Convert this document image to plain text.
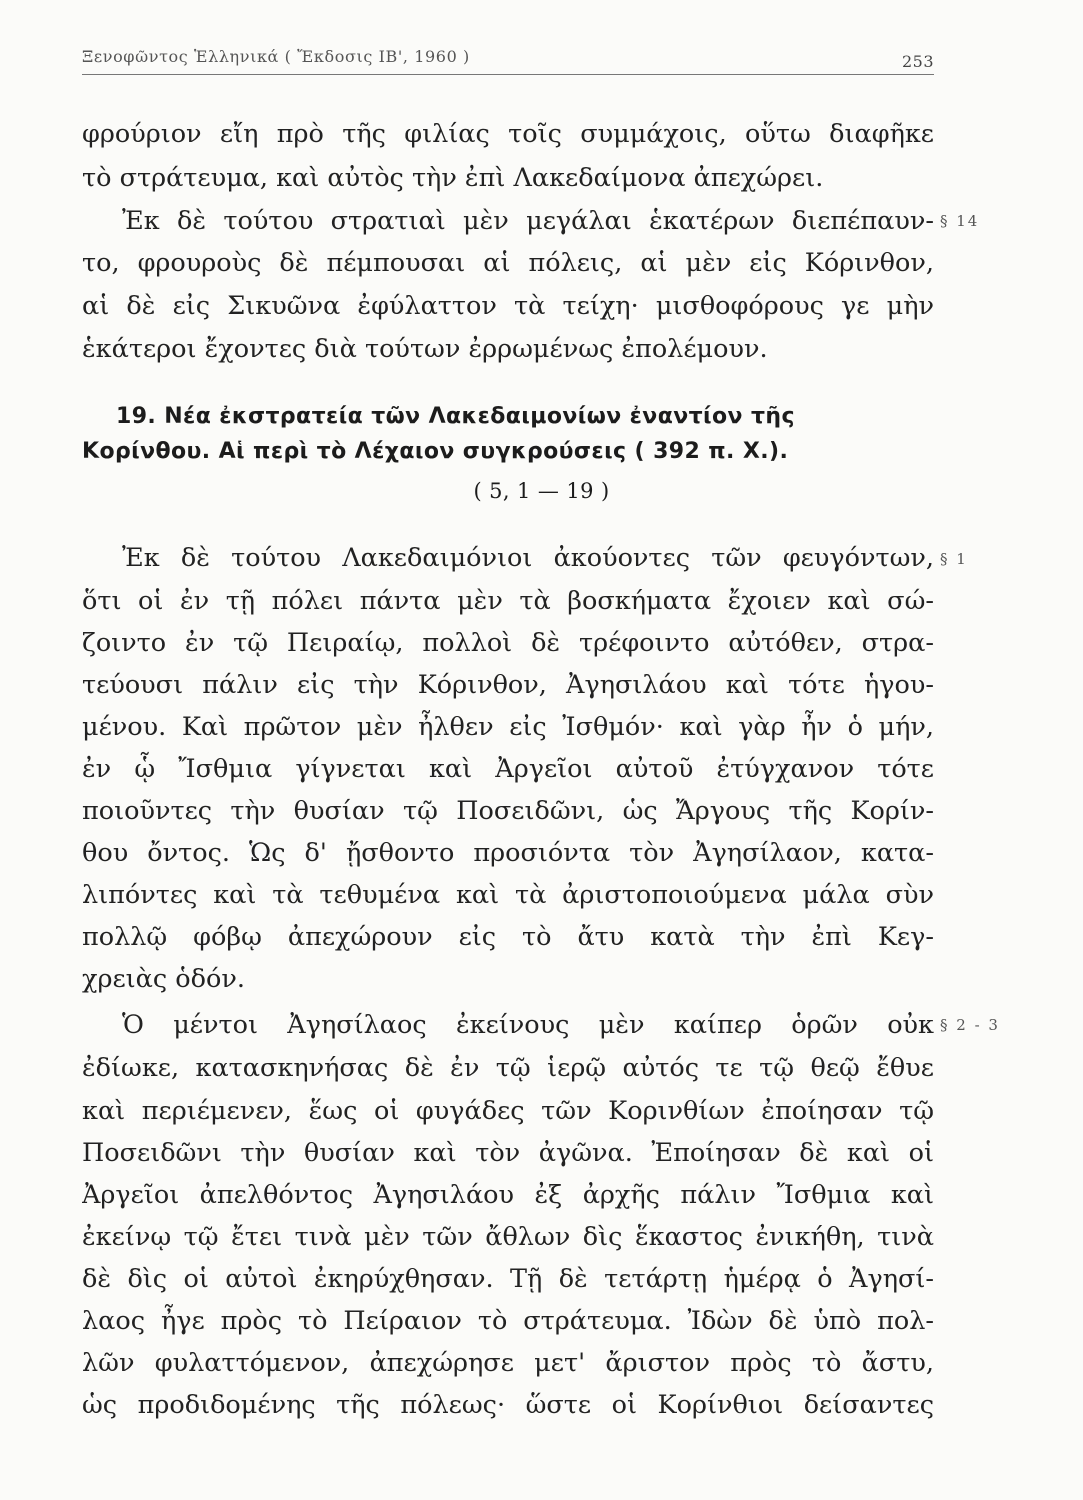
Ξενοφῶντος Ἑλληνικά ( Ἔκδοσις ΙΒ', 1960 )	253
φρούριον εἴη πρὸ τῆς φιλίας τοῖς συμμάχοις, οὕτω διαφῆκε
τὸ στράτευμα, καὶ αὐτὸς τὴν ἐπὶ Λακεδαίμονα ἀπεχώρει.
Ἐκ δὲ τούτου στρατιαὶ μὲν μεγάλαι ἑκατέρων διεπέπαυν-
το, φρουροὺς δὲ πέμπουσαι αἱ πόλεις, αἱ μὲν εἰς Κόρινθον,
αἱ δὲ εἰς Σικυῶνα ἐφύλαττον τὰ τείχη· μισθοφόρους γε μὴν
ἑκάτεροι ἔχοντες διὰ τούτων ἐρρωμένως ἐπολέμουν.
19. Νέα ἐκστρατεία τῶν Λακεδαιμονίων ἐναντίον τῆς
Κορίνθου. Αἱ περὶ τὸ Λέχαιον συγκρούσεις ( 392 π. Χ.).
( 5, 1 — 19 )
Ἐκ δὲ τούτου Λακεδαιμόνιοι ἀκούοντες τῶν φευγόντων,
ὅτι οἱ ἐν τῇ πόλει πάντα μὲν τὰ βοσκήματα ἔχοιεν καὶ σώ-
ζοιντο ἐν τῷ Πειραίῳ, πολλοὶ δὲ τρέφοιντο αὐτόθεν, στρα-
τεύουσι πάλιν εἰς τὴν Κόρινθον, Ἀγησιλάου καὶ τότε ἡγου-
μένου. Καὶ πρῶτον μὲν ἦλθεν εἰς Ἰσθμόν· καὶ γὰρ ἦν ὁ μήν,
ἐν ᾧ Ἴσθμια γίγνεται καὶ Ἀργεῖοι αὐτοῦ ἐτύγχανον τότε
ποιοῦντες τὴν θυσίαν τῷ Ποσειδῶνι, ὡς Ἄργους τῆς Κορίν-
θου ὄντος. Ὡς δ' ᾔσθοντο προσιόντα τὸν Ἀγησίλαον, κατα-
λιπόντες καὶ τὰ τεθυμένα καὶ τὰ ἀριστοποιούμενα μάλα σὺν
πολλῷ φόβῳ ἀπεχώρουν εἰς τὸ ἄτυ κατὰ τὴν ἐπὶ Κεγ-
χρειὰς ὁδόν.
Ὁ μέντοι Ἀγησίλαος ἐκείνους μὲν καίπερ ὁρῶν οὐκ
ἐδίωκε, κατασκηνήσας δὲ ἐν τῷ ἱερῷ αὐτός τε τῷ θεῷ ἔθυε
καὶ περιέμενεν, ἕως οἱ φυγάδες τῶν Κορινθίων ἐποίησαν τῷ
Ποσειδῶνι τὴν θυσίαν καὶ τὸν ἀγῶνα. Ἐποίησαν δὲ καὶ οἱ
Ἀργεῖοι ἀπελθόντος Ἀγησιλάου ἐξ ἀρχῆς πάλιν Ἴσθμια καὶ
ἐκείνῳ τῷ ἔτει τινὰ μὲν τῶν ἄθλων δὶς ἕκαστος ἐνικήθη, τινὰ
δὲ δὶς οἱ αὐτοὶ ἐκηρύχθησαν. Τῇ δὲ τετάρτῃ ἡμέρᾳ ὁ Ἀγησί-
λαος ἦγε πρὸς τὸ Πείραιον τὸ στράτευμα. Ἰδὼν δὲ ὑπὸ πολ-
λῶν φυλαττόμενον, ἀπεχώρησε μετ' ἄριστον πρὸς τὸ ἄστυ,
ὡς προδιδομένης τῆς πόλεως· ὥστε οἱ Κορίνθιοι δείσαντες
§ 14
§ 1
§ 2 - 3
